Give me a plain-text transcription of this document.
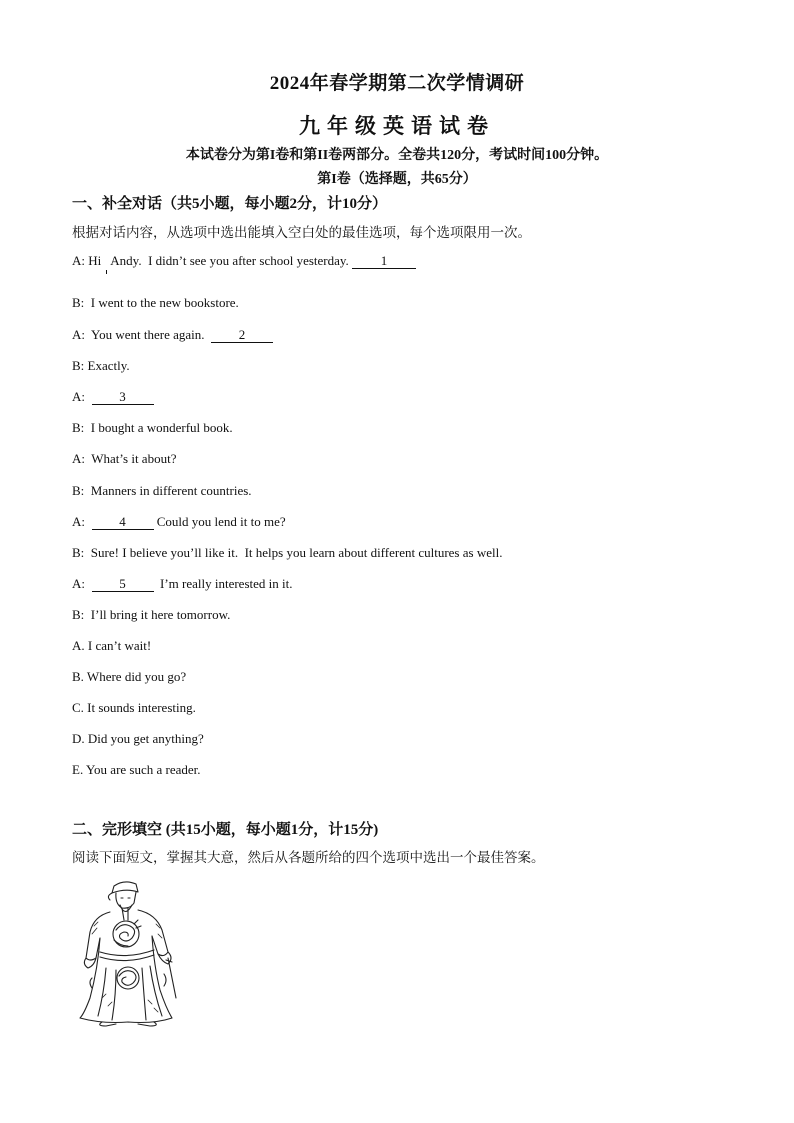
2024年春学期第二次学情调研
九年级英语试卷
本试卷分为第I卷和第II卷两部分。全卷共120分，考试时间100分钟。
第I卷（选择题，共65分）
一、补全对话（共5小题，每小题2分，计10分）
根据对话内容，从选项中选出能填入空白处的最佳选项，每个选项限用一次。
A: Hi   Andy.  I didn’t see you after school yesterday. 1
B:  I went to the new bookstore.
A:  You went there again.  2
B: Exactly.
A:  3
B:  I bought a wonderful book.
A:  What’s it about?
B:  Manners in different countries.
A:  4 Could you lend it to me?
B:  Sure! I believe you’ll like it.  It helps you learn about different cultures as well.
A:  5  I’m really interested in it.
B:  I’ll bring it here tomorrow.
A. I can’t wait!
B. Where did you go?
C. It sounds interesting.
D. Did you get anything?
E. You are such a reader.
二、完形填空 (共15小题，每小题1分，计15分)
阅读下面短文，掌握其大意，然后从各题所给的四个选项中选出一个最佳答案。
